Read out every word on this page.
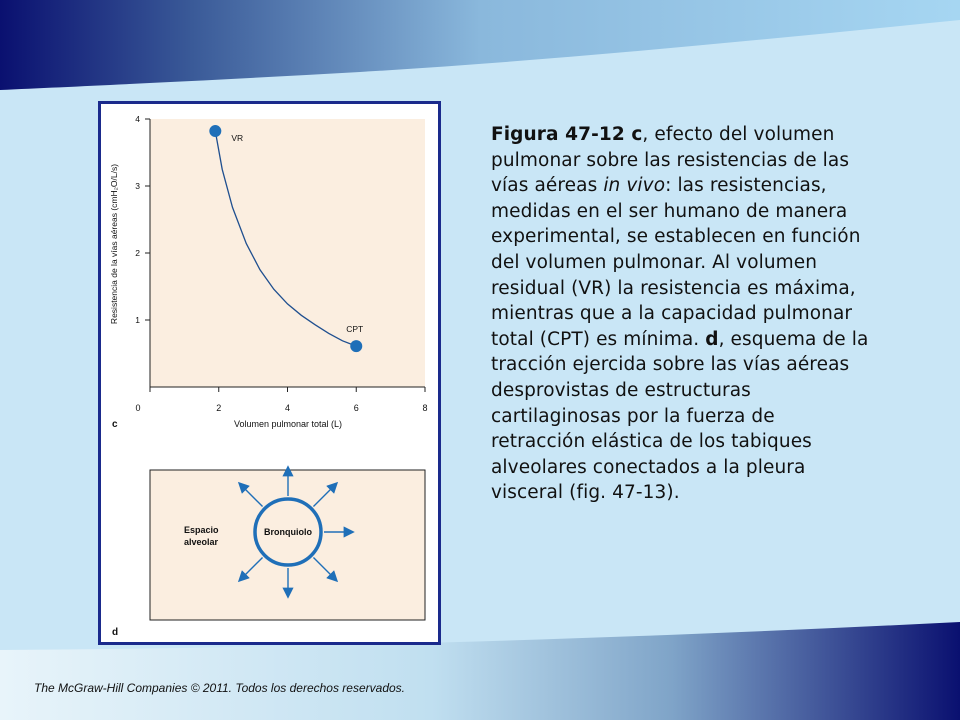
1
2
3
4
0	2	4	6	8
Resistencia de la vías aéreas (cmH₂O/L/s)
Volumen pulmonar total (L)
c
VR
CPT
Bronquiolo
Espacio
alveolar
d
Figura 47-12 c, efecto del volumen pulmonar sobre las resistencias de las vías aéreas in vivo: las resistencias, medidas en el ser humano de manera experimental, se establecen en función del volumen pulmonar. Al volumen residual (VR) la resistencia es máxima, mientras que a la capacidad pulmonar total (CPT) es mínima. d, esquema de la tracción ejercida sobre las vías aéreas desprovistas de estructuras cartilaginosas por la fuerza de retracción elástica de los tabiques alveolares conectados a la pleura visceral (fig. 47-13).
The McGraw-Hill Companies © 2011. Todos los derechos reservados.
